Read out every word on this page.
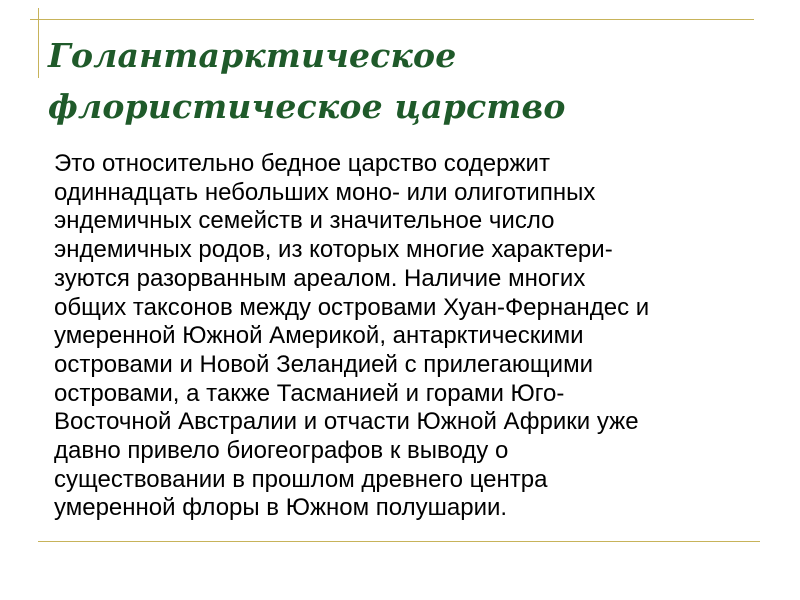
Голантарктическое флористическое царство

Это относительно бедное царство содержит
одиннадцать небольших моно- или олиготипных
эндемичных семейств и значительное число
эндемичных родов, из которых многие характери-
зуются разорванным ареалом. Наличие многих
общих таксонов между островами Хуан-Фернандес и
умеренной Южной Америкой, антарктическими
островами и Новой Зеландией с прилегающими
островами, а также Тасманией и горами Юго-
Восточной Австралии и отчасти Южной Африки уже
давно привело биогеографов к выводу о
существовании в прошлом древнего центра
умеренной флоры в Южном полушарии.
